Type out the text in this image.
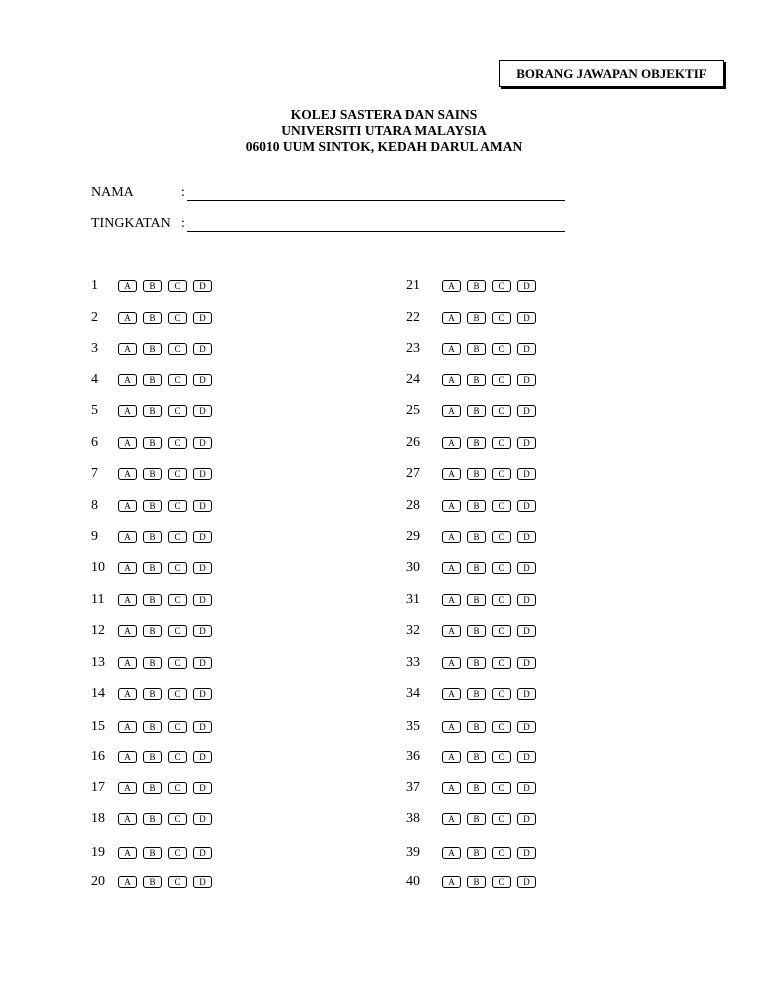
BORANG JAWAPAN OBJEKTIF
KOLEJ SASTERA DAN SAINS
UNIVERSITI UTARA MALAYSIA
06010 UUM SINTOK, KEDAH DARUL AMAN
NAMA	:
TINGKATAN :
1	A	B	C	D
2	A	B	C	D
3	A	B	C	D
4	A	B	C	D
5	A	B	C	D
6	A	B	C	D
7	A	B	C	D
8	A	B	C	D
9	A	B	C	D
10	A	B	C	D
11	A	B	C	D
12	A	B	C	D
13	A	B	C	D
14	A	B	C	D
15	A	B	C	D
16	A	B	C	D
17	A	B	C	D
18	A	B	C	D
19	A	B	C	D
20	A	B	C	D
21	A	B	C	D
22	A	B	C	D
23	A	B	C	D
24	A	B	C	D
25	A	B	C	D
26	A	B	C	D
27	A	B	C	D
28	A	B	C	D
29	A	B	C	D
30	A	B	C	D
31	A	B	C	D
32	A	B	C	D
33	A	B	C	D
34	A	B	C	D
35	A	B	C	D
36	A	B	C	D
37	A	B	C	D
38	A	B	C	D
39	A	B	C	D
40	A	B	C	D
